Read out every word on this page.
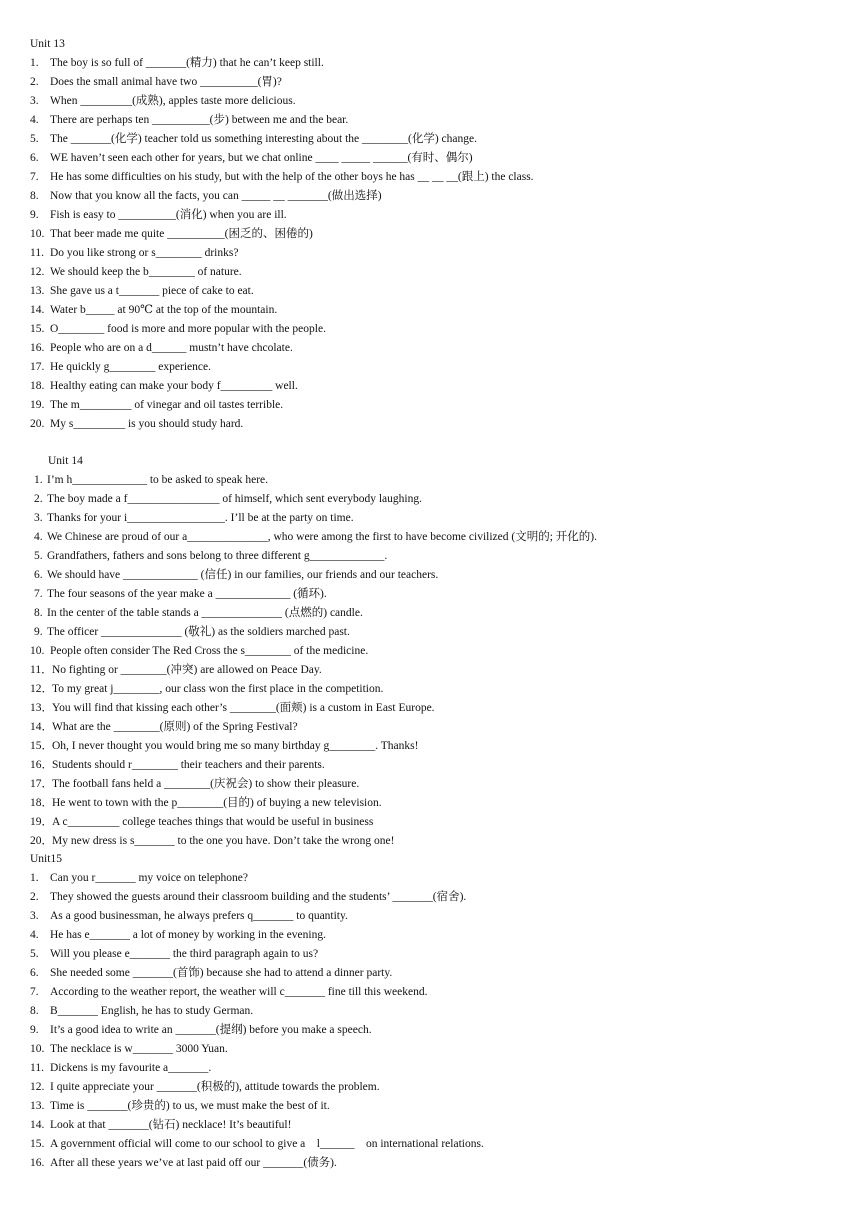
Unit 13
1. The boy is so full of _______(精力) that he can’t keep still.
2. Does the small animal have two __________(胃)?
3. When _________(成熟), apples taste more delicious.
4. There are perhaps ten __________(步) between me and the bear.
5. The _______(化学) teacher told us something interesting about the ________(化学) change.
6. WE haven’t seen each other for years, but we chat online ____ _____ ______(有时、偶尔)
7. He has some difficulties on his study, but with the help of the other boys he has __ __ __(跟上) the class.
8. Now that you know all the facts, you can _____ __ _______(做出选择)
9. Fish is easy to __________(消化) when you are ill.
10. That beer made me quite __________(困乏的、困倦的)
11. Do you like strong or s________ drinks?
12. We should keep the b________ of nature.
13. She gave us a t_______ piece of cake to eat.
14. Water b_____ at 90℃ at the top of the mountain.
15. O________ food is more and more popular with the people.
16. People who are on a d______ mustn’t have chcolate.
17. He quickly g________ experience.
18. Healthy eating can make your body f_________ well.
19. The m_________ of vinegar and oil tastes terrible.
20. My s_________ is you should study hard.
Unit 14
1. I’m h_____________ to be asked to speak here.
2. The boy made a f________________ of himself, which sent everybody laughing.
3. Thanks for your i_________________. I’ll be at the party on time.
4. We Chinese are proud of our a______________, who were among the first to have become civilized (文明的; 开化的).
5. Grandfathers, fathers and sons belong to three different g_____________.
6. We should have _____________ (信任) in our families, our friends and our teachers.
7. The four seasons of the year make a _____________ (循环).
8. In the center of the table stands a ______________ (点燃的) candle.
9. The officer ______________ (敬礼) as the soldiers marched past.
10. People often consider The Red Cross the s________ of the medicine.
11． No fighting or ________(冲突) are allowed on Peace Day.
12． To my great j________, our class won the first place in the competition.
13． You will find that kissing each other’s ________(面颊) is a custom in East Europe.
14． What are the ________(原则) of the Spring Festival?
15． Oh, I never thought you would bring me so many birthday g________. Thanks!
16． Students should r________ their teachers and their parents.
17． The football fans held a ________(庆祝会) to show their pleasure.
18． He went to town with the p________(目的) of buying a new television.
19． A c_________ college teaches things that would be useful in business
20． My new dress is s_______ to the one you have. Don’t take the wrong one!
Unit15
1. Can you r_______ my voice on telephone?
2. They showed the guests around their classroom building and the students’ _______(宿舍).
3. As a good businessman, he always prefers q_______ to quantity.
4. He has e_______ a lot of money by working in the evening.
5. Will you please e_______ the third paragraph again to us?
6. She needed some _______(首饰) because she had to attend a dinner party.
7. According to the weather report, the weather will c_______ fine till this weekend.
8. B_______ English, he has to study German.
9. It’s a good idea to write an _______(提纲) before you make a speech.
10. The necklace is w_______ 3000 Yuan.
11. Dickens is my favourite a_______.
12. I quite appreciate your _______(积极的), attitude towards the problem.
13. Time is _______(珍贵的) to us, we must make the best of it.
14. Look at that _______(钻石) necklace! It’s beautiful!
15. A government official will come to our school to give a    l______    on international relations.
16. After all these years we’ve at last paid off our _______(债务).
